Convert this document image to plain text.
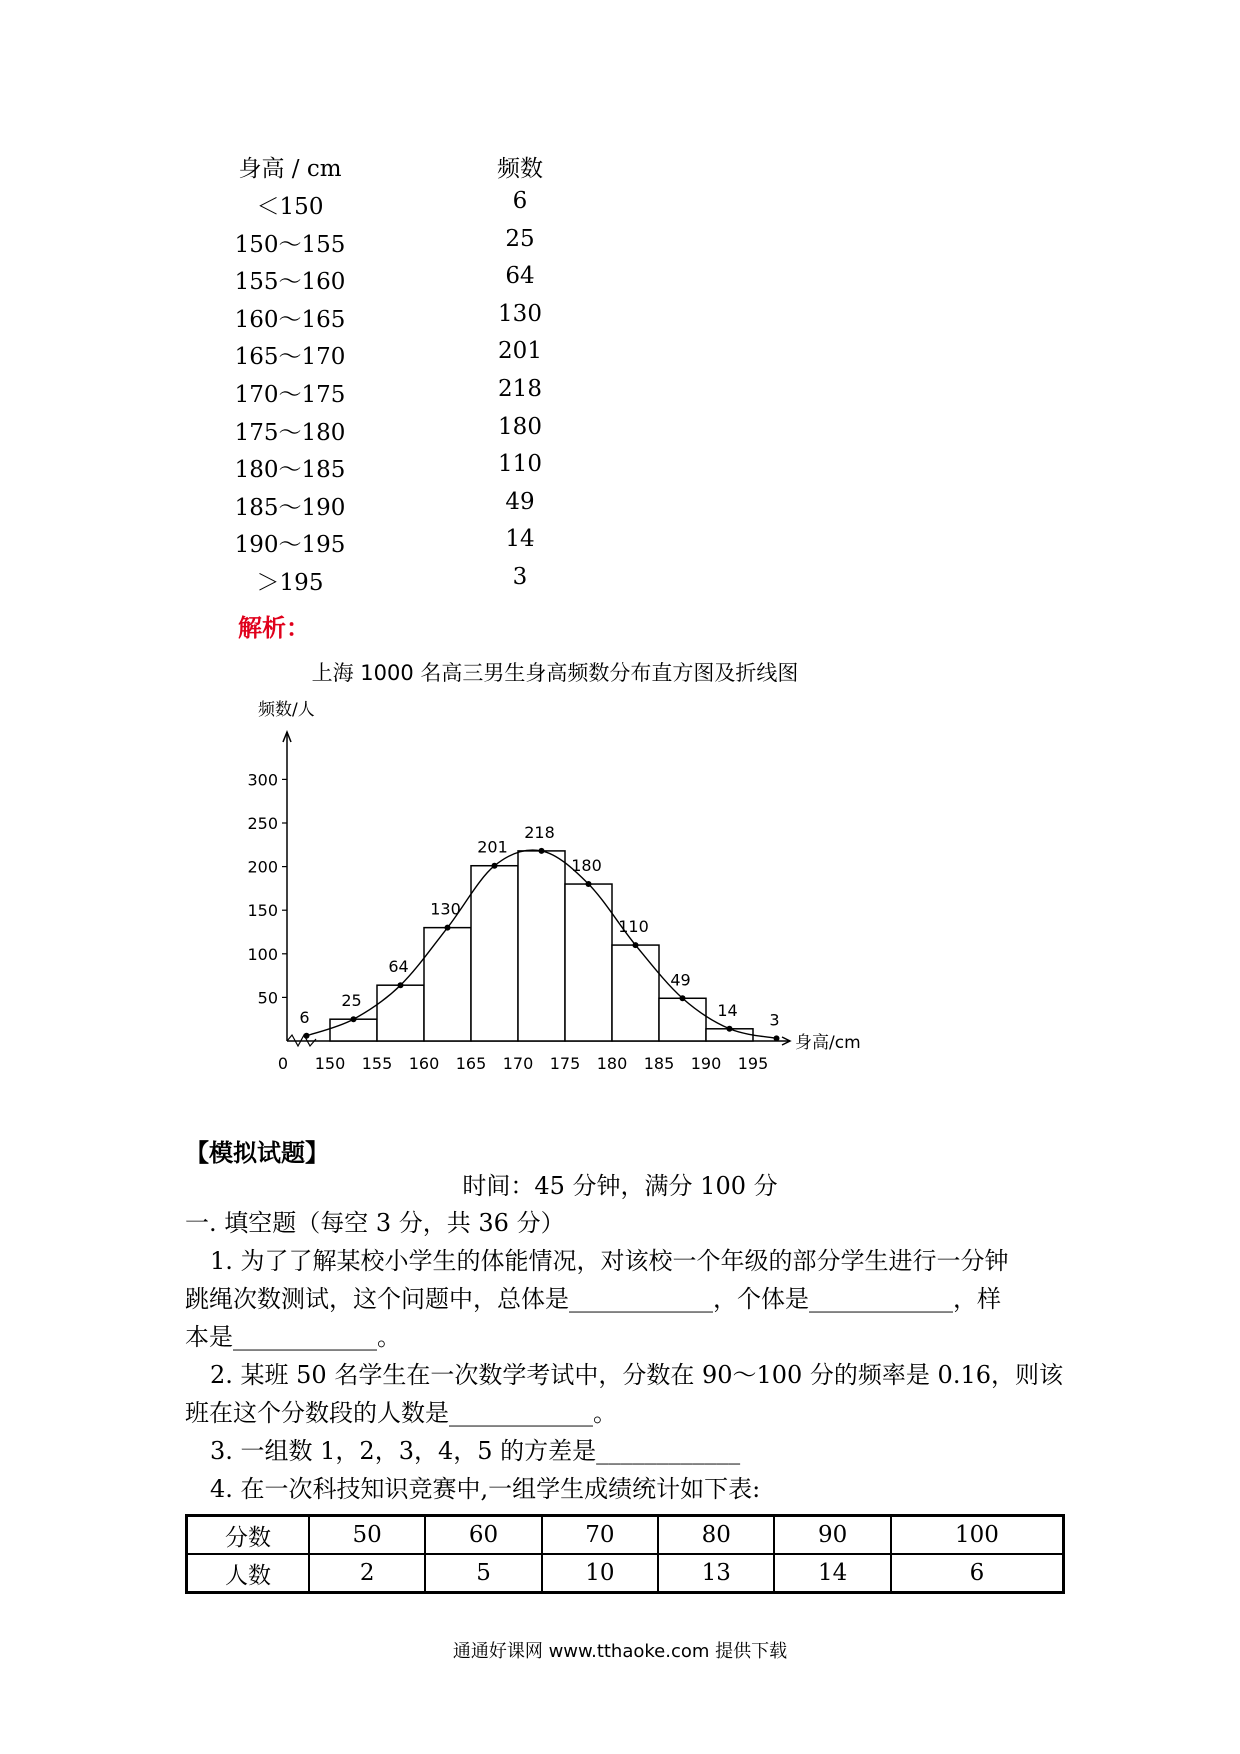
身高 / cm	频数
＜150	6
150～155	25
155～160	64
160～165	130
165～170	201
170～175	218
175～180	180
180～185	110
185～190	49
190～195	14
＞195	3
解析：
上海 1000 名高三男生身高频数分布直方图及折线图
频数/人
身高/cm
50
100
150
200
250
300
0 150 155 160 165 170 175 180 185 190 195
6
25
64
130
201
218
180
110
49
14
3
【模拟试题】
时间：45 分钟，满分 100 分
一. 填空题（每空 3 分，共 36 分）
1. 为了了解某校小学生的体能情况，对该校一个年级的部分学生进行一分钟
跳绳次数测试，这个问题中，总体是____________，个体是____________，样
本是____________。
2. 某班 50 名学生在一次数学考试中，分数在 90～100 分的频率是 0.16，则该
班在这个分数段的人数是____________。
3. 一组数 1，2，3，4，5 的方差是____________
4. 在一次科技知识竞赛中,一组学生成绩统计如下表:
分数	50	60	70	80	90	100
人数	2	5	10	13	14	6
通通好课网 www.tthaoke.com 提供下载
